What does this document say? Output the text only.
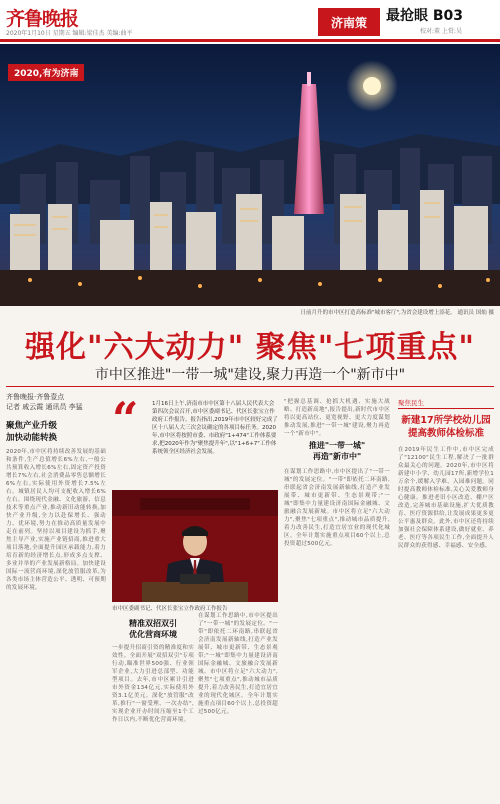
齐鲁晚报
2020年1月10日 星期五 编辑:梁佳杰 美编:曲平
济南策	最抢眼 B03
校对:董 上赏:吴
2020,有为济南
日前月升的市中区打造高标准"城市客厅",为省会建设增上添花。 通讯员 国灿 摄
强化"六大动力" 聚焦"七项重点"
市中区推进"一带一城"建设,聚力再造一个"新市中"
齐鲁晚报·齐鲁壹点
记者 戚云霞 通讯员 李猛
聚焦产业升级
加快动能转换
2020年,市中区将持续改善发展的基础和条件,生产总值增长6%左右,一般公共预算收入增长6%左右,固定资产投资增长7%左右,社会消费品零售总额增长6%左右,实际使用外资增长7.5%左右。城镇居民人均可支配收入增长6%左右。围绕现代金融、文化旅游、信息技术等重点产业,推动新旧动能转换,加快产业升级,全力以赴保增长、强动力、优环境,努力在推动高质量发展中走在前列。坚持以项目建设为抓手,聚焦主导产业,实施产业链招商,推进重大项目落地,全面提升园区承载能力,着力培育新的经济增长点,形成多点支撑、多业并举的产业发展新格局。加快建设国际一流营商环境,深化放管服改革,为各类市场主体营造公平、透明、可预期的发展环境。
“ 1月16日上午,济南市市中区第十八届人民代表大会第四次会议召开,市中区委副书记、代区长张宝立作政府工作报告。报告指出,2019年市中区较好完成了区十八届人大三次会议确定的各项目标任务。2020年,市中区将按照市委、市政府"1+474"工作体系要求,把2020年作为"聚焦提升年",以"1+6+7"工作体系统领全区经济社会发展。
市中区委副书记、代区长张宝立作政府工作报告
精准双招双引
优化营商环境
一步提升招商引资的精准度和实效性。全面开展"双招双引"专项行动,瞄准世界500强、行业领军企业,大力引进总部型、功能型项目。去年,市中区累计引进市外资金134亿元,实际使用外资3.1亿美元。深化"放管服"改革,推行"一窗受理、一次办结",实现企业开办时间压缩至1个工作日以内,不断优化营商环境。
在谋划工作思路中,市中区提出了"一带一城"的发展定位。"一带"即依托二环南路,串联起省会济南发展新轴线,打造产业发展带、城市更新带、生态景观带;"一城"即集中力量建设济南国际金融城、文旅融合发展新城。市中区将立足"六大动力",聚焦"七项重点",推动城市品质提升,着力改善民生,打造宜居宜业的现代化城区。全年计划实施重点项目60个以上,总投资超过500亿元。
"把握总基调、抢抓大机遇、实施大战略、打造新高地",报告提出,新时代市中区将以更高站位、更宽视野、更大力度谋划推动发展,推进"一带一城"建设,聚力再造一个"新市中"。
推进"一带一城"
再造"新市中"
在谋划工作思路中,市中区提出了"一带一城"的发展定位。"一带"即依托二环南路,串联起省会济南发展新轴线,打造产业发展带、城市更新带、生态景观带;"一城"即集中力量建设济南国际金融城、文旅融合发展新城。市中区将立足"六大动力",聚焦"七项重点",推动城市品质提升,着力改善民生,打造宜居宜业的现代化城区。全年计划实施重点项目60个以上,总投资超过500亿元。
聚焦民生
新建17所学校幼儿园
提高教师体检标准
在2019年民生工作中,市中区完成了"12100"民生工程,解决了一批群众最关心的问题。2020年,市中区将新建中小学、幼儿园17所,新增学位1万余个,缓解入学难、入园难问题。同时提高教师体检标准,关心关爱教师身心健康。推进老旧小区改造、棚户区改造,完善城市基础设施,扩大优质教育、医疗资源供给,让发展成果更多更公平惠及群众。此外,市中区还将持续加强社会保障体系建设,做好就业、养老、医疗等各项民生工作,全面提升人民群众的获得感、幸福感、安全感。
